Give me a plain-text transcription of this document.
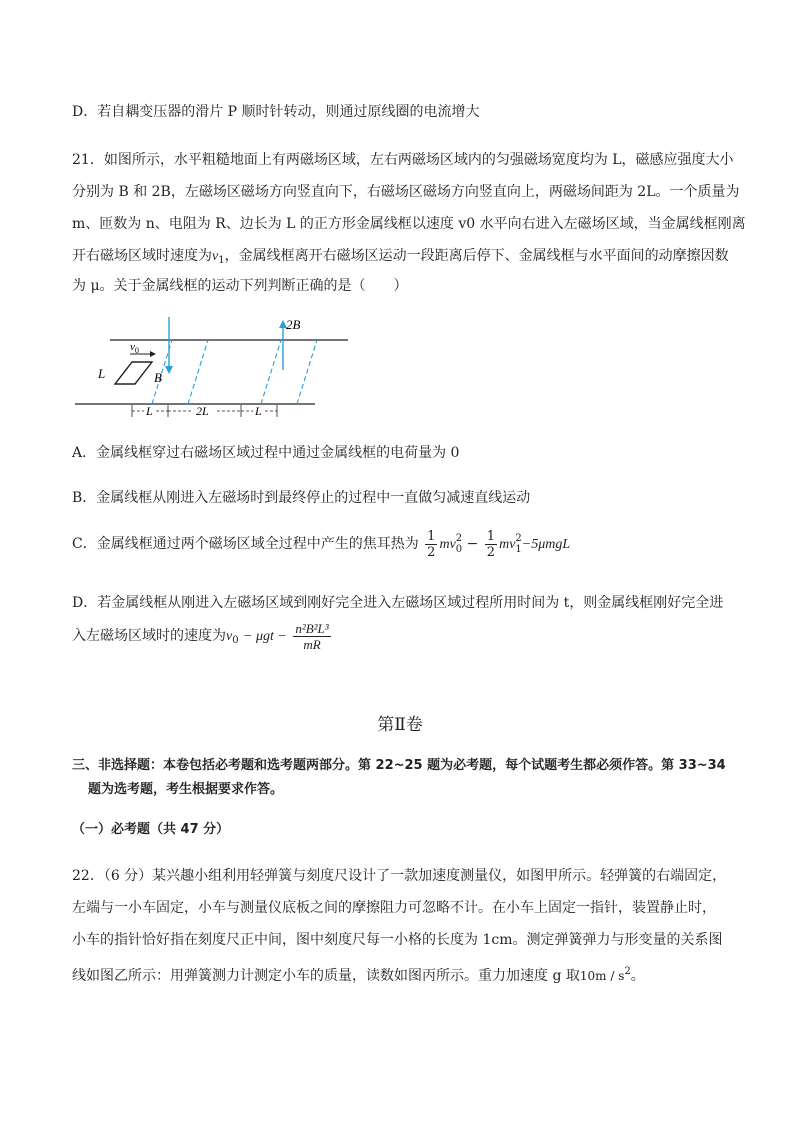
D．若自耦变压器的滑片 P 顺时针转动，则通过原线圈的电流增大
21．如图所示，水平粗糙地面上有两磁场区域，左右两磁场区域内的匀强磁场宽度均为 L，磁感应强度大小
分别为 B 和 2B，左磁场区磁场方向竖直向下，右磁场区磁场方向竖直向上，两磁场间距为 2L。一个质量为
m、匝数为 n、电阻为 R、边长为 L 的正方形金属线框以速度 v0 水平向右进入左磁场区域，当金属线框刚离
开右磁场区域时速度为$v_1$，金属线框离开右磁场区运动一段距离后停下、金属线框与水平面间的动摩擦因数
为 μ。关于金属线框的运动下列判断正确的是（　　）
2B
B
L
$v_0$
L	2L	L
A．金属线框穿过右磁场区域过程中通过金属线框的电荷量为 0
B．金属线框从刚进入左磁场时到最终停止的过程中一直做匀减速直线运动
C．金属线框通过两个磁场区域全过程中产生的焦耳热为 $\frac{1}{2}$ mv 2
$0 - \frac{1}{2}$ mv 2
1 −5μmgL
D．若金属线框从刚进入左磁场区域到刚好完全进入左磁场区域过程所用时间为 t，则金属线框刚好完全进
入左磁场区域时的速度为$v_0 - \mu gt - \frac{\text{n²B²L³}}{mR}$
第Ⅱ卷
三、非选择题：本卷包括必考题和选考题两部分。第 22~25 题为必考题，每个试题考生都必须作答。第 33~34
题为选考题，考生根据要求作答。
（一）必考题（共 47 分）
22．（6 分）某兴趣小组利用轻弹簧与刻度尺设计了一款加速度测量仪，如图甲所示。轻弹簧的右端固定，
左端与一小车固定，小车与测量仪底板之间的摩擦阻力可忽略不计。在小车上固定一指针，装置静止时，
小车的指针恰好指在刻度尺正中间，图中刻度尺每一小格的长度为 1cm。测定弹簧弹力与形变量的关系图
线如图乙所示：用弹簧测力计测定小车的质量，读数如图丙所示。重力加速度 g 取$10m / s^2$。
